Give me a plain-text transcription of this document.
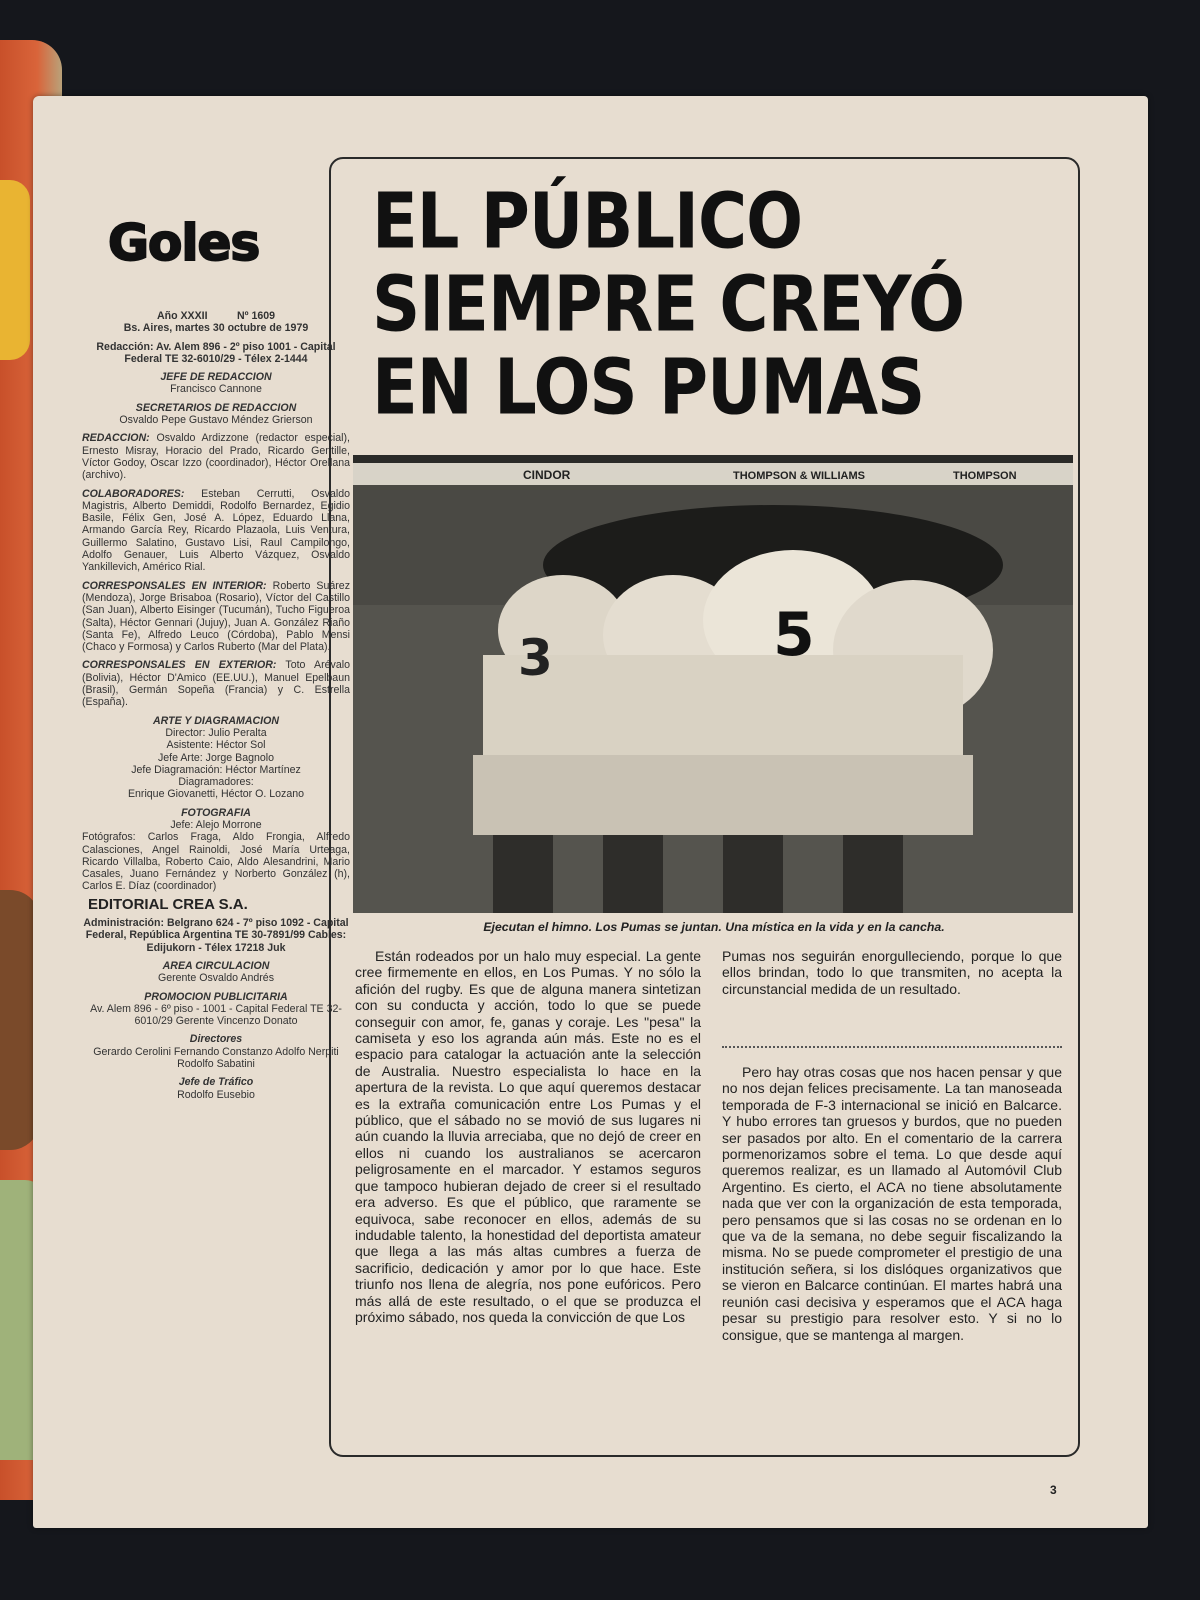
Goles
Año XXXII          Nº 1609
Bs. Aires, martes 30 octubre de 1979
Redacción: Av. Alem 896 - 2º piso 1001 - Capital Federal TE 32-6010/29 - Télex 2-1444
JEFE DE REDACCION
Francisco Cannone
SECRETARIOS DE REDACCION
Osvaldo Pepe Gustavo Méndez Grierson
REDACCION: Osvaldo Ardizzone (redactor especial), Ernesto Misray, Horacio del Prado, Ricardo Gentille, Víctor Godoy, Oscar Izzo (coordinador), Héctor Orellana (archivo).
COLABORADORES: Esteban Cerrutti, Osvaldo Magistris, Alberto Demiddi, Rodolfo Bernardez, Egidio Basile, Félix Gen, José A. López, Eduardo Llana, Armando García Rey, Ricardo Plazaola, Luis Ventura, Guillermo Salatino, Gustavo Lisi, Raul Campilongo, Adolfo Genauer, Luis Alberto Vázquez, Osvaldo Yankillevich, Américo Rial.
CORRESPONSALES EN INTERIOR: Roberto Suárez (Mendoza), Jorge Brisaboa (Rosario), Víctor del Castillo (San Juan), Alberto Eisinger (Tucumán), Tucho Figueroa (Salta), Héctor Gennari (Jujuy), Juan A. González Riaño (Santa Fe), Alfredo Leuco (Córdoba), Pablo Mensi (Chaco y Formosa) y Carlos Ruberto (Mar del Plata).
CORRESPONSALES EN EXTERIOR: Toto Arévalo (Bolivia), Héctor D'Amico (EE.UU.), Manuel Epelbaun (Brasil), Germán Sopeña (Francia) y C. Estrella (España).
ARTE Y DIAGRAMACION
Director: Julio Peralta
Asistente: Héctor Sol
Jefe Arte: Jorge Bagnolo
Jefe Diagramación: Héctor Martínez
Diagramadores:
Enrique Giovanetti, Héctor O. Lozano
FOTOGRAFIA
Jefe: Alejo Morrone
Fotógrafos: Carlos Fraga, Aldo Frongia, Alfredo Calasciones, Angel Rainoldi, José María Urteaga, Ricardo Villalba, Roberto Caio, Aldo Alesandrini, Mario Casales, Juano Fernández y Norberto González (h), Carlos E. Díaz (coordinador)
EDITORIAL CREA S.A.
Administración: Belgrano 624 - 7º piso 1092 - Capital Federal, República Argentina TE 30-7891/99 Cables: Edijukorn - Télex 17218 Juk
AREA CIRCULACION
Gerente Osvaldo Andrés
PROMOCION PUBLICITARIA
Av. Alem 896 - 6º piso - 1001 - Capital Federal TE 32-6010/29 Gerente Vincenzo Donato
Directores
Gerardo Cerolini Fernando Constanzo Adolfo Nerpiti Rodolfo Sabatini
Jefe de Tráfico
Rodolfo Eusebio
EL PÚBLICO
SIEMPRE CREYÓ
EN LOS PUMAS
CINDOR	THOMPSON & WILLIAMS	THOMPSON
3	5
Ejecutan el himno. Los Pumas se juntan. Una mística en la vida y en la cancha.
Están rodeados por un halo muy especial. La gente cree firmemente en ellos, en Los Pumas. Y no sólo la afición del rugby. Es que de alguna manera sintetizan con su conducta y acción, todo lo que se puede conseguir con amor, fe, ganas y coraje. Les "pesa" la camiseta y eso los agranda aún más. Este no es el espacio para catalogar la actuación ante la selección de Australia. Nuestro especialista lo hace en la apertura de la revista. Lo que aquí queremos destacar es la extraña comunicación entre Los Pumas y el público, que el sábado no se movió de sus lugares ni aún cuando la lluvia arreciaba, que no dejó de creer en ellos ni cuando los australianos se acercaron peligrosamente en el marcador. Y estamos seguros que tampoco hubieran dejado de creer si el resultado era adverso. Es que el público, que raramente se equivoca, sabe reconocer en ellos, además de su indudable talento, la honestidad del deportista amateur que llega a las más altas cumbres a fuerza de sacrificio, dedicación y amor por lo que hace. Este triunfo nos llena de alegría, nos pone eufóricos. Pero más allá de este resultado, o el que se produzca el próximo sábado, nos queda la convicción de que Los
Pumas nos seguirán enorgulleciendo, porque lo que ellos brindan, todo lo que transmiten, no acepta la circunstancial medida de un resultado.
Pero hay otras cosas que nos hacen pensar y que no nos dejan felices precisamente. La tan manoseada temporada de F-3 internacional se inició en Balcarce. Y hubo errores tan gruesos y burdos, que no pueden ser pasados por alto. En el comentario de la carrera pormenorizamos sobre el tema. Lo que desde aquí queremos realizar, es un llamado al Automóvil Club Argentino. Es cierto, el ACA no tiene absolutamente nada que ver con la organización de esta temporada, pero pensamos que si las cosas no se ordenan en lo que va de la semana, no debe seguir fiscalizando la misma. No se puede comprometer el prestigio de una institución señera, si los dislóques organizativos que se vieron en Balcarce continúan. El martes habrá una reunión casi decisiva y esperamos que el ACA haga pesar su prestigio para resolver esto. Y si no lo consigue, que se mantenga al margen.
3
